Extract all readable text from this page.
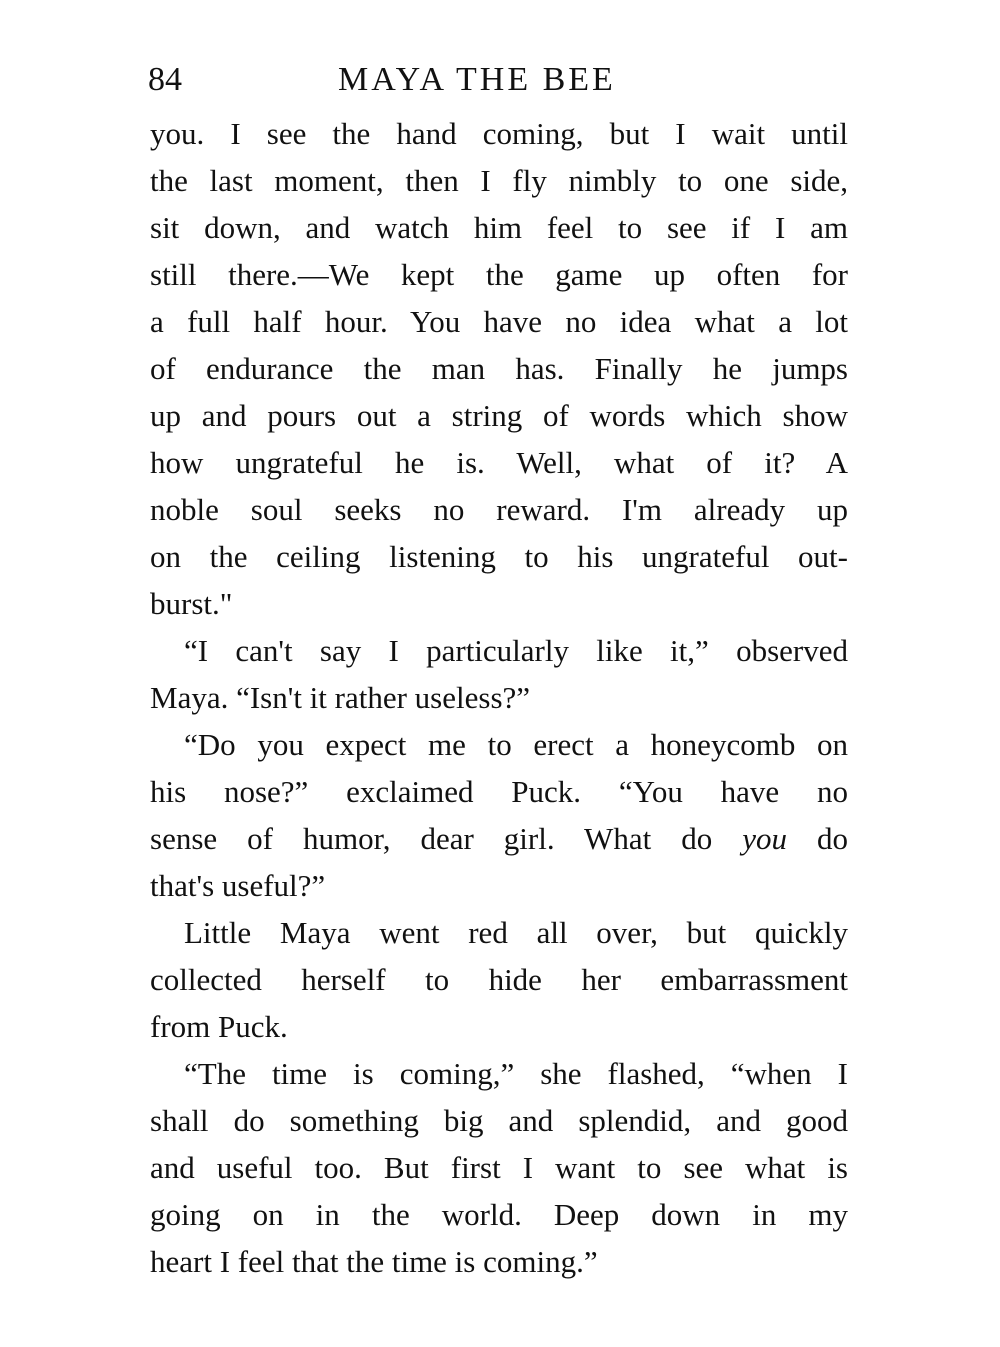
84	MAYA THE BEE
you. I see the hand coming, but I wait until
the last moment, then I fly nimbly to one side,
sit down, and watch him feel to see if I am
still there.—We kept the game up often for
a full half hour. You have no idea what a lot
of endurance the man has. Finally he jumps
up and pours out a string of words which show
how ungrateful he is. Well, what of it? A
noble soul seeks no reward. I'm already up
on the ceiling listening to his ungrateful out-
burst."
“I can't say I particularly like it,” observed
Maya. “Isn't it rather useless?”
“Do you expect me to erect a honeycomb on
his nose?” exclaimed Puck. “You have no
sense of humor, dear girl. What do you do
that's useful?”
Little Maya went red all over, but quickly
collected herself to hide her embarrassment
from Puck.
“The time is coming,” she flashed, “when I
shall do something big and splendid, and good
and useful too. But first I want to see what is
going on in the world. Deep down in my
heart I feel that the time is coming.”
